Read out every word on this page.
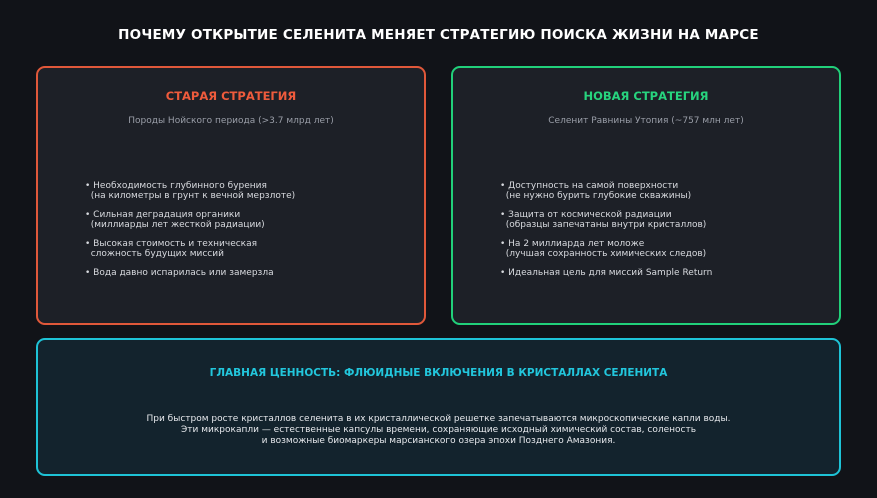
ПОЧЕМУ ОТКРЫТИЕ СЕЛЕНИТА МЕНЯЕТ СТРАТЕГИЮ ПОИСКА ЖИЗНИ НА МАРСЕ
СТАРАЯ СТРАТЕГИЯ
Породы Нойского периода (>3.7 млрд лет)
• Необходимость глубинного бурения
(на километры в грунт к вечной мерзлоте)
• Сильная деградация органики
(миллиарды лет жесткой радиации)
• Высокая стоимость и техническая
сложность будущих миссий
• Вода давно испарилась или замерзла
НОВАЯ СТРАТЕГИЯ
Селенит Равнины Утопия (~757 млн лет)
• Доступность на самой поверхности
(не нужно бурить глубокие скважины)
• Защита от космической радиации
(образцы запечатаны внутри кристаллов)
• На 2 миллиарда лет моложе
(лучшая сохранность химических следов)
• Идеальная цель для миссий Sample Return
ГЛАВНАЯ ЦЕННОСТЬ: ФЛЮИДНЫЕ ВКЛЮЧЕНИЯ В КРИСТАЛЛАХ СЕЛЕНИТА
При быстром росте кристаллов селенита в их кристаллической решетке запечатываются микроскопические капли воды.
Эти микрокапли — естественные капсулы времени, сохраняющие исходный химический состав, соленость
и возможные биомаркеры марсианского озера эпохи Позднего Амазония.
